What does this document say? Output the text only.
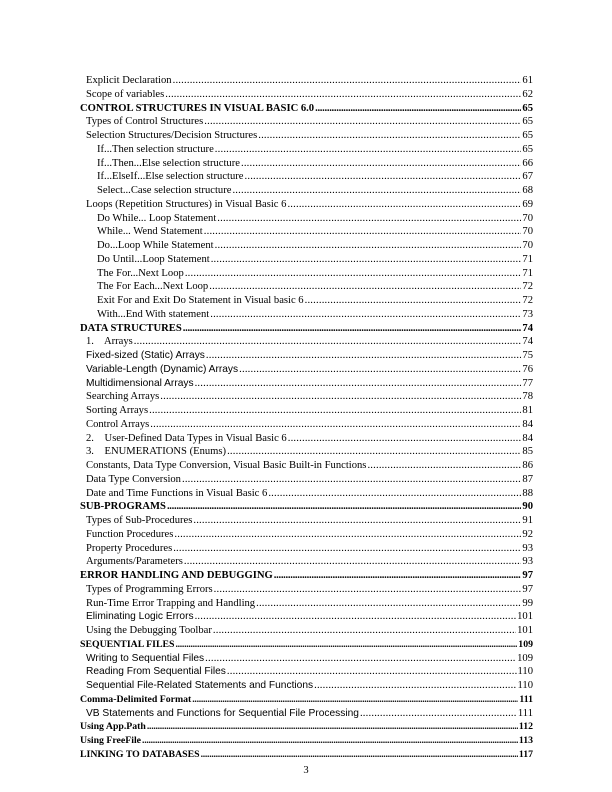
Explicit Declaration .....	61
Scope of variables .....	62
CONTROL STRUCTURES IN VISUAL BASIC 6.0 .....	65
Types of Control Structures .....	65
Selection Structures/Decision Structures .....	65
If...Then selection structure .....	65
If...Then...Else selection structure .....	66
If...ElseIf...Else selection structure .....	67
Select...Case selection structure .....	68
Loops (Repetition Structures) in Visual Basic 6 .....	69
Do While... Loop Statement .....	70
While... Wend Statement .....	70
Do...Loop While Statement .....	70
Do Until...Loop Statement .....	71
The For...Next Loop .....	71
The For Each...Next Loop .....	72
Exit For and Exit Do Statement in Visual basic 6 .....	72
With...End With statement .....	73
DATA STRUCTURES .....	74
1.    Arrays .....	74
Fixed-sized (Static) Arrays .....	75
Variable-Length (Dynamic) Arrays .....	76
Multidimensional Arrays .....	77
Searching Arrays .....	78
Sorting Arrays .....	81
Control Arrays .....	84
2.    User-Defined Data Types in Visual Basic 6 .....	84
3.    ENUMERATIONS (Enums) .....	85
Constants, Data Type Conversion, Visual Basic Built-in Functions .....	86
Data Type Conversion .....	87
Date and Time Functions in Visual Basic 6 .....	88
SUB-PROGRAMS .....	90
Types of Sub-Procedures .....	91
Function Procedures .....	92
Property Procedures .....	93
Arguments/Parameters .....	93
ERROR HANDLING AND DEBUGGING .....	97
Types of Programming Errors .....	97
Run-Time Error Trapping and Handling .....	99
Eliminating Logic Errors .....	101
Using the Debugging Toolbar .....	101
SEQUENTIAL FILES .....	109
Writing to Sequential Files .....	109
Reading From Sequential Files .....	110
Sequential File-Related Statements and Functions .....	110
Comma-Delimited Format .....	111
VB Statements and Functions for Sequential File Processing .....	111
Using App.Path .....	112
Using FreeFile .....	113
LINKING TO DATABASES .....	117
3
